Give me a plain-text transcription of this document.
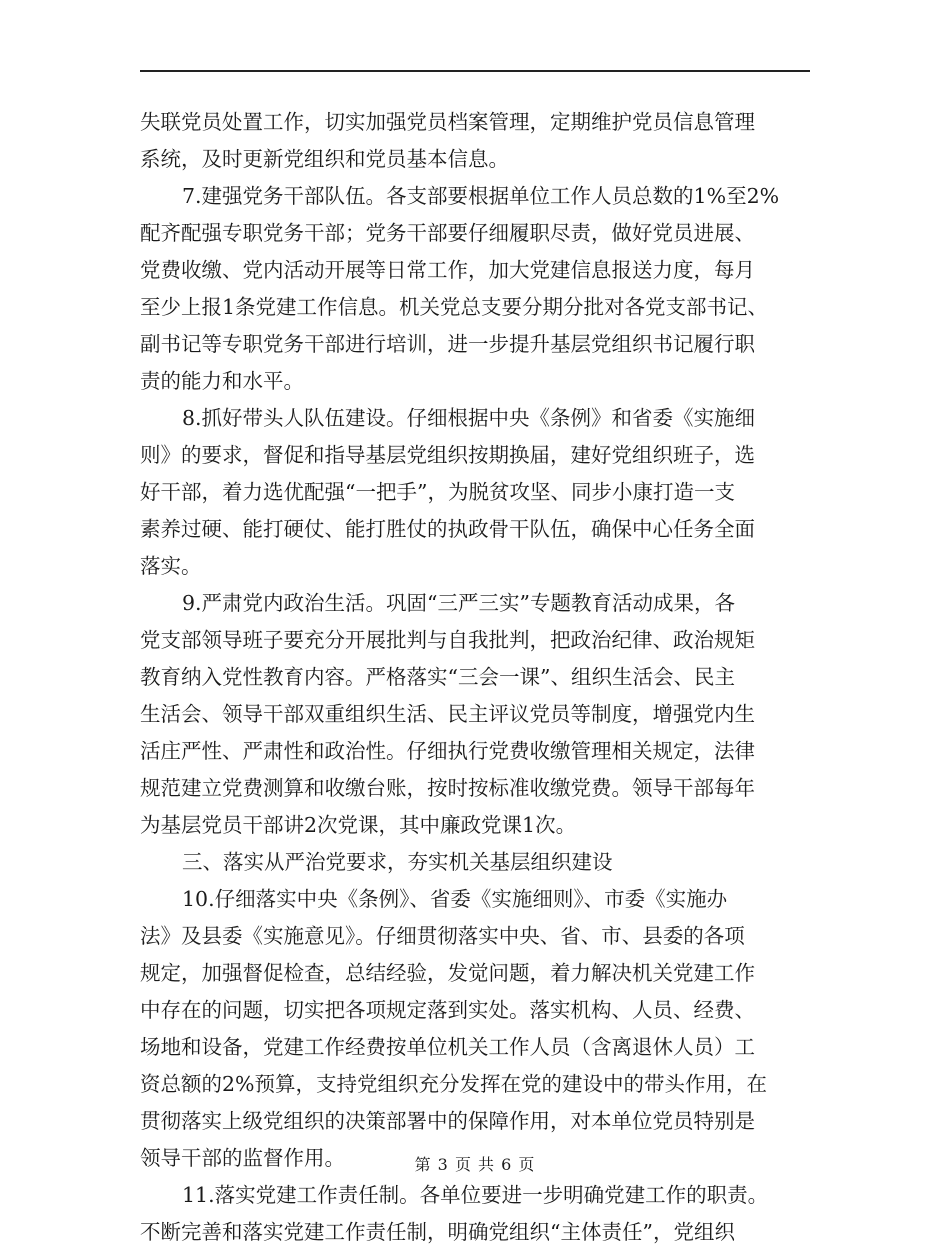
失联党员处置工作，切实加强党员档案管理，定期维护党员信息管理
系统，及时更新党组织和党员基本信息。
7.建强党务干部队伍。各支部要根据单位工作人员总数的1%至2%
配齐配强专职党务干部；党务干部要仔细履职尽责，做好党员进展、
党费收缴、党内活动开展等日常工作，加大党建信息报送力度，每月
至少上报1条党建工作信息。机关党总支要分期分批对各党支部书记、
副书记等专职党务干部进行培训，进一步提升基层党组织书记履行职
责的能力和水平。
8.抓好带头人队伍建设。仔细根据中央《条例》和省委《实施细
则》的要求，督促和指导基层党组织按期换届，建好党组织班子，选
好干部，着力选优配强“一把手”，为脱贫攻坚、同步小康打造一支
素养过硬、能打硬仗、能打胜仗的执政骨干队伍，确保中心任务全面
落实。
9.严肃党内政治生活。巩固“三严三实”专题教育活动成果，各
党支部领导班子要充分开展批判与自我批判，把政治纪律、政治规矩
教育纳入党性教育内容。严格落实“三会一课”、组织生活会、民主
生活会、领导干部双重组织生活、民主评议党员等制度，增强党内生
活庄严性、严肃性和政治性。仔细执行党费收缴管理相关规定，法律
规范建立党费测算和收缴台账，按时按标准收缴党费。领导干部每年
为基层党员干部讲2次党课，其中廉政党课1次。
三、落实从严治党要求，夯实机关基层组织建设
10.仔细落实中央《条例》、省委《实施细则》、市委《实施办
法》及县委《实施意见》。仔细贯彻落实中央、省、市、县委的各项
规定，加强督促检查，总结经验，发觉问题，着力解决机关党建工作
中存在的问题，切实把各项规定落到实处。落实机构、人员、经费、
场地和设备，党建工作经费按单位机关工作人员（含离退休人员）工
资总额的2%预算，支持党组织充分发挥在党的建设中的带头作用，在
贯彻落实上级党组织的决策部署中的保障作用，对本单位党员特别是
领导干部的监督作用。
11.落实党建工作责任制。各单位要进一步明确党建工作的职责。
不断完善和落实党建工作责任制，明确党组织“主体责任”，党组织
第 3 页 共 6 页
